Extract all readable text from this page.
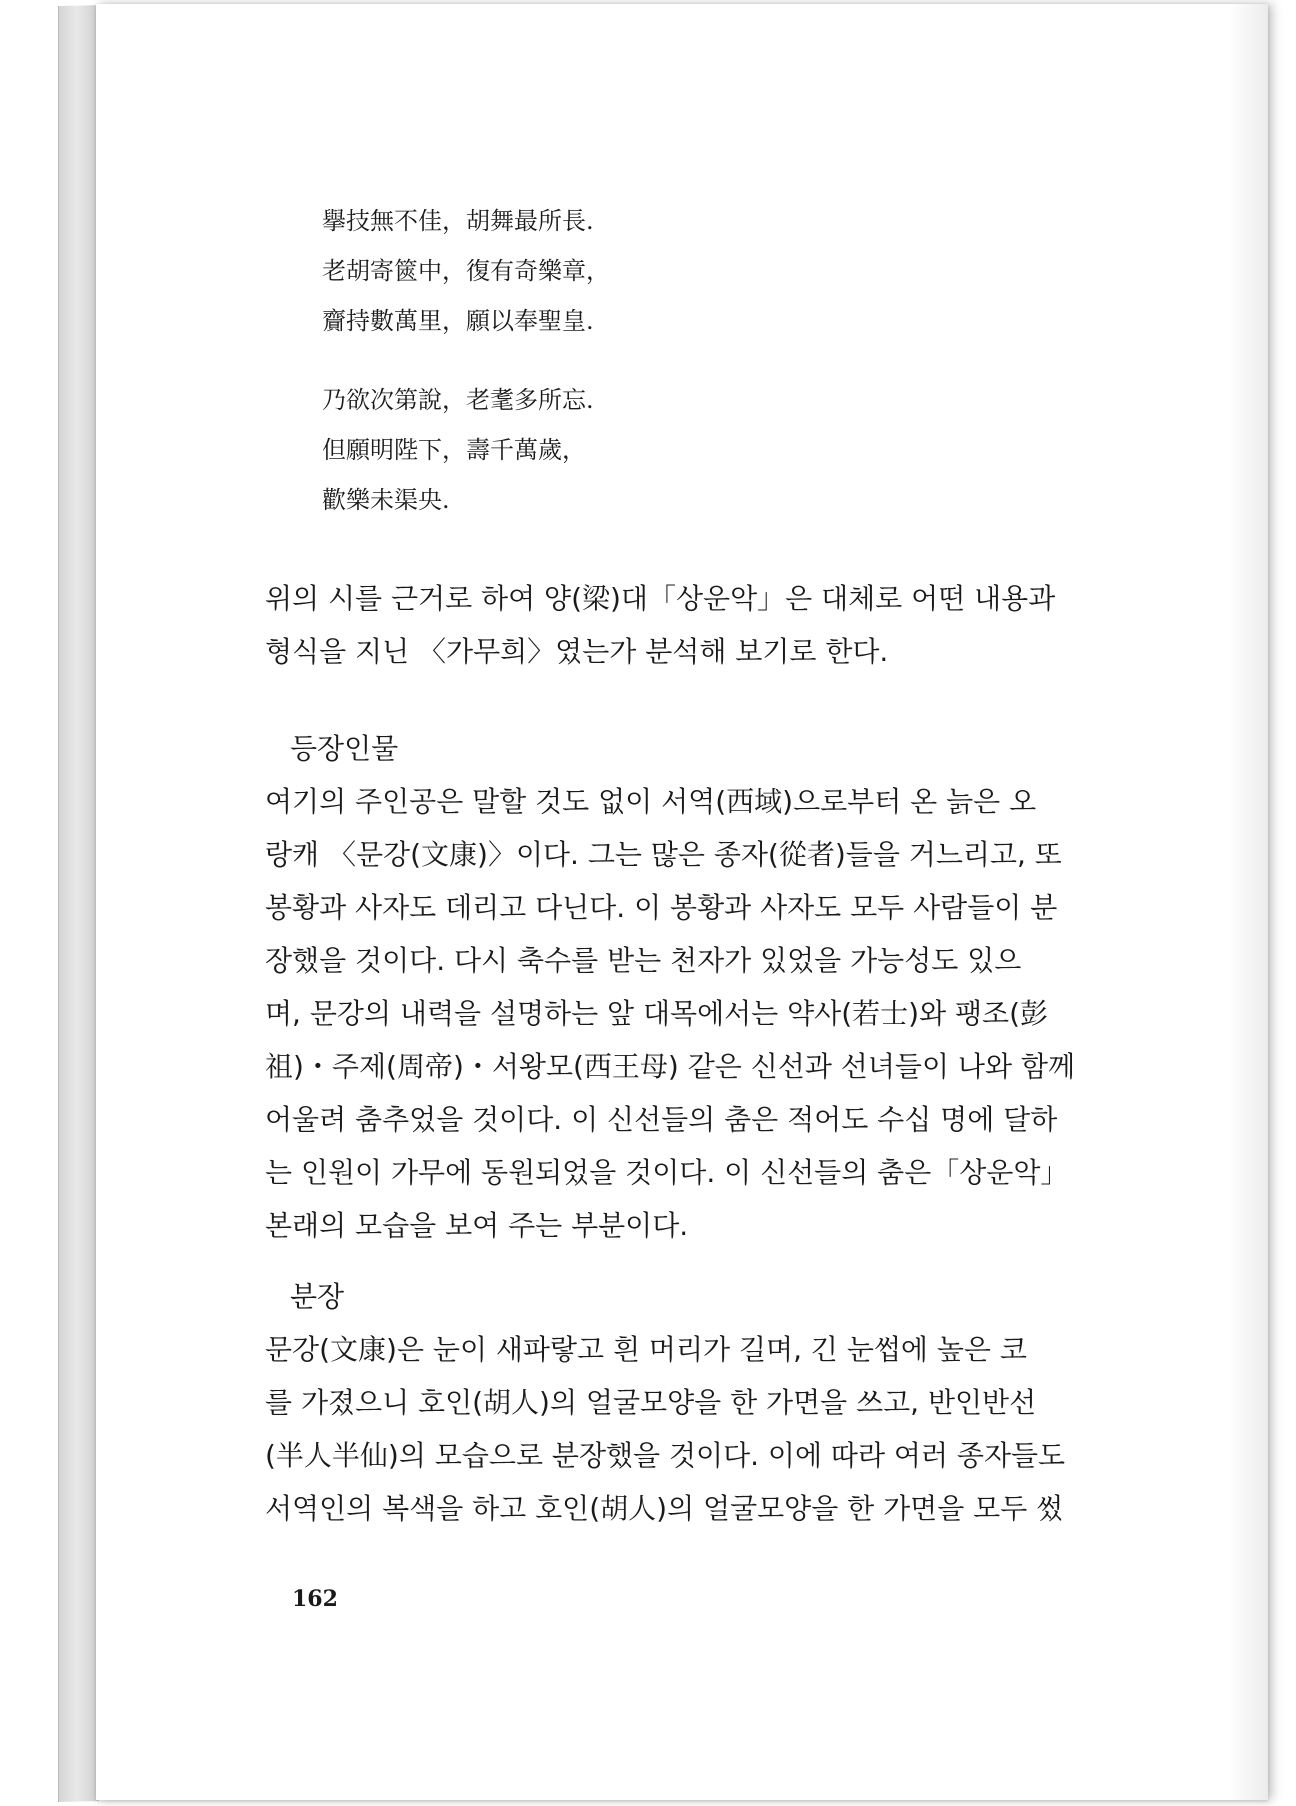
擧技無不佳，胡舞最所長.
老胡寄篋中，復有奇樂章，
齎持數萬里，願以奉聖皇.
乃欲次第說，老耄多所忘.
但願明陛下，壽千萬歲，
歡樂未渠央.
위의 시를 근거로 하여 양(梁)대「상운악」은 대체로 어떤 내용과
형식을 지닌 〈가무희〉였는가 분석해 보기로 한다.
등장인물
여기의 주인공은 말할 것도 없이 서역(西域)으로부터 온 늙은 오
랑캐 〈문강(文康)〉이다. 그는 많은 종자(從者)들을 거느리고, 또
봉황과 사자도 데리고 다닌다. 이 봉황과 사자도 모두 사람들이 분
장했을 것이다. 다시 축수를 받는 천자가 있었을 가능성도 있으
며, 문강의 내력을 설명하는 앞 대목에서는 약사(若士)와 팽조(彭
祖)・주제(周帝)・서왕모(西王母) 같은 신선과 선녀들이 나와 함께
어울려 춤추었을 것이다. 이 신선들의 춤은 적어도 수십 명에 달하
는 인원이 가무에 동원되었을 것이다. 이 신선들의 춤은「상운악」
본래의 모습을 보여 주는 부분이다.
분장
문강(文康)은 눈이 새파랗고 흰 머리가 길며, 긴 눈썹에 높은 코
를 가졌으니 호인(胡人)의 얼굴모양을 한 가면을 쓰고, 반인반선
(半人半仙)의 모습으로 분장했을 것이다. 이에 따라 여러 종자들도
서역인의 복색을 하고 호인(胡人)의 얼굴모양을 한 가면을 모두 썼
162
